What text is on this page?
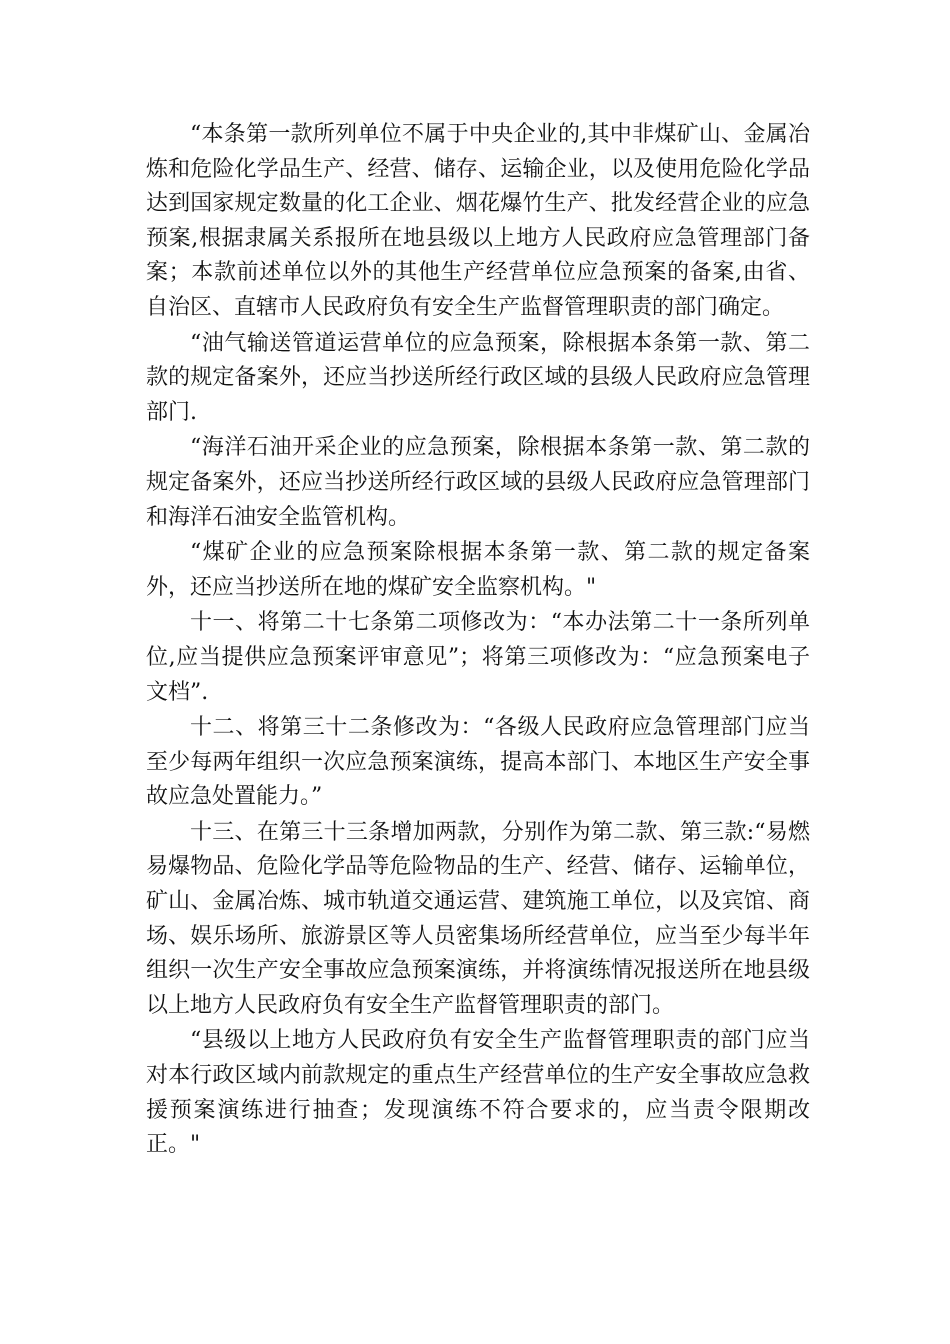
“本条第一款所列单位不属于中央企业的,其中非煤矿山、金属冶炼和危险化学品生产、经营、储存、运输企业，以及使用危险化学品达到国家规定数量的化工企业、烟花爆竹生产、批发经营企业的应急预案,根据隶属关系报所在地县级以上地方人民政府应急管理部门备案；本款前述单位以外的其他生产经营单位应急预案的备案,由省、自治区、直辖市人民政府负有安全生产监督管理职责的部门确定。

“油气输送管道运营单位的应急预案，除根据本条第一款、第二款的规定备案外，还应当抄送所经行政区域的县级人民政府应急管理部门.

“海洋石油开采企业的应急预案，除根据本条第一款、第二款的规定备案外，还应当抄送所经行政区域的县级人民政府应急管理部门和海洋石油安全监管机构。

“煤矿企业的应急预案除根据本条第一款、第二款的规定备案外，还应当抄送所在地的煤矿安全监察机构。"

十一、将第二十七条第二项修改为：“本办法第二十一条所列单位,应当提供应急预案评审意见”；将第三项修改为：“应急预案电子文档”.

十二、将第三十二条修改为：“各级人民政府应急管理部门应当至少每两年组织一次应急预案演练，提高本部门、本地区生产安全事故应急处置能力。”

十三、在第三十三条增加两款，分别作为第二款、第三款:“易燃易爆物品、危险化学品等危险物品的生产、经营、储存、运输单位，矿山、金属冶炼、城市轨道交通运营、建筑施工单位，以及宾馆、商场、娱乐场所、旅游景区等人员密集场所经营单位，应当至少每半年组织一次生产安全事故应急预案演练，并将演练情况报送所在地县级以上地方人民政府负有安全生产监督管理职责的部门。

“县级以上地方人民政府负有安全生产监督管理职责的部门应当对本行政区域内前款规定的重点生产经营单位的生产安全事故应急救援预案演练进行抽查；发现演练不符合要求的，应当责令限期改正。"
